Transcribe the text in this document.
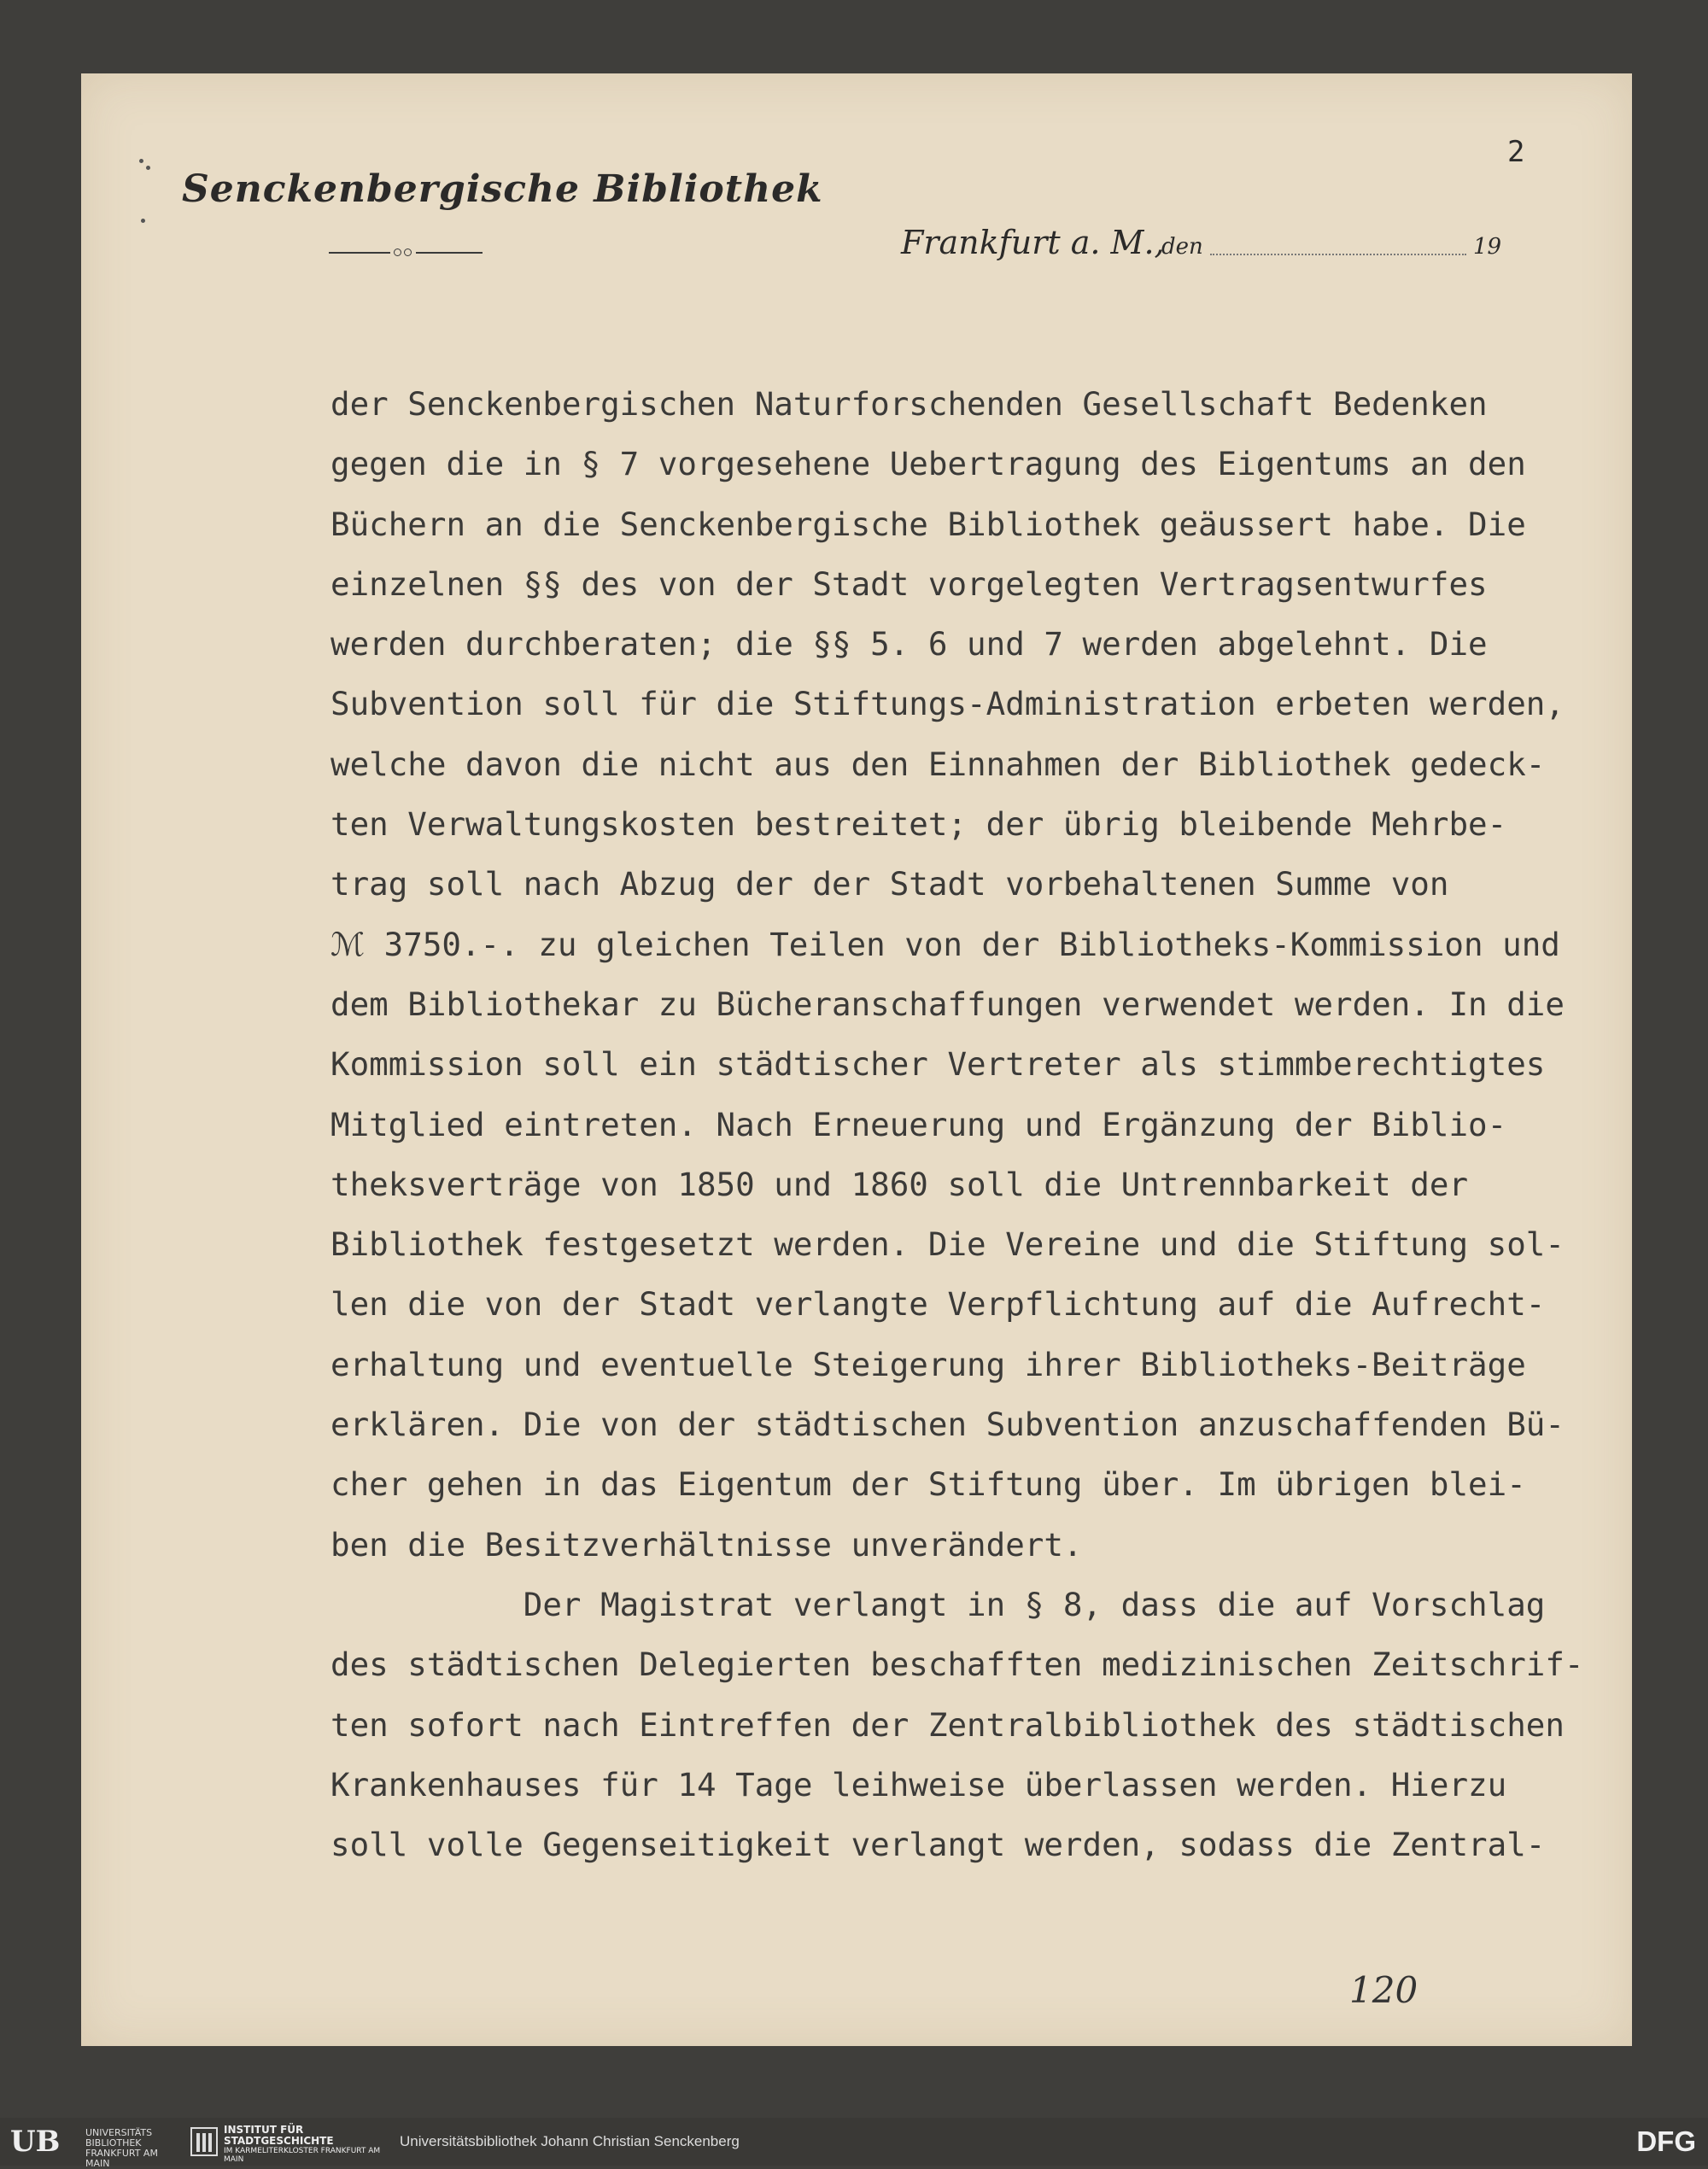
Senckenbergische Bibliothek
2
Frankfurt a. M.,
den	19
der Senckenbergischen Naturforschenden Gesellschaft Bedenken
gegen die in § 7 vorgesehene Uebertragung des Eigentums an den
Büchern an die Senckenbergische Bibliothek geäussert habe. Die
einzelnen §§ des von der Stadt vorgelegten Vertragsentwurfes
werden durchberaten; die §§ 5. 6 und 7 werden abgelehnt. Die
Subvention soll für die Stiftungs-Administration erbeten werden,
welche davon die nicht aus den Einnahmen der Bibliothek gedeck-
ten Verwaltungskosten bestreitet; der übrig bleibende Mehrbe-
trag soll nach Abzug der der Stadt vorbehaltenen Summe von
ℳ 3750.-. zu gleichen Teilen von der Bibliotheks-Kommission und
dem Bibliothekar zu Bücheranschaffungen verwendet werden. In die
Kommission soll ein städtischer Vertreter als stimmberechtigtes
Mitglied eintreten. Nach Erneuerung und Ergänzung der Biblio-
theksverträge von 1850 und 1860 soll die Untrennbarkeit der
Bibliothek festgesetzt werden. Die Vereine und die Stiftung sol-
len die von der Stadt verlangte Verpflichtung auf die Aufrecht-
erhaltung und eventuelle Steigerung ihrer Bibliotheks-Beiträge
erklären. Die von der städtischen Subvention anzuschaffenden Bü-
cher gehen in das Eigentum der Stiftung über. Im übrigen blei-
ben die Besitzverhältnisse unverändert.
Der Magistrat verlangt in § 8, dass die auf Vorschlag
des städtischen Delegierten beschafften medizinischen Zeitschrif-
ten sofort nach Eintreffen der Zentralbibliothek des städtischen
Krankenhauses für 14 Tage leihweise überlassen werden. Hierzu
soll volle Gegenseitigkeit verlangt werden, sodass die Zentral-
120
UB	UNIVERSITÄTS BIBLIOTHEK FRANKFURT AM MAIN
INSTITUT FÜR STADTGESCHICHTE
IM KARMELITERKLOSTER FRANKFURT AM MAIN
Universitätsbibliothek Johann Christian Senckenberg	DFG
